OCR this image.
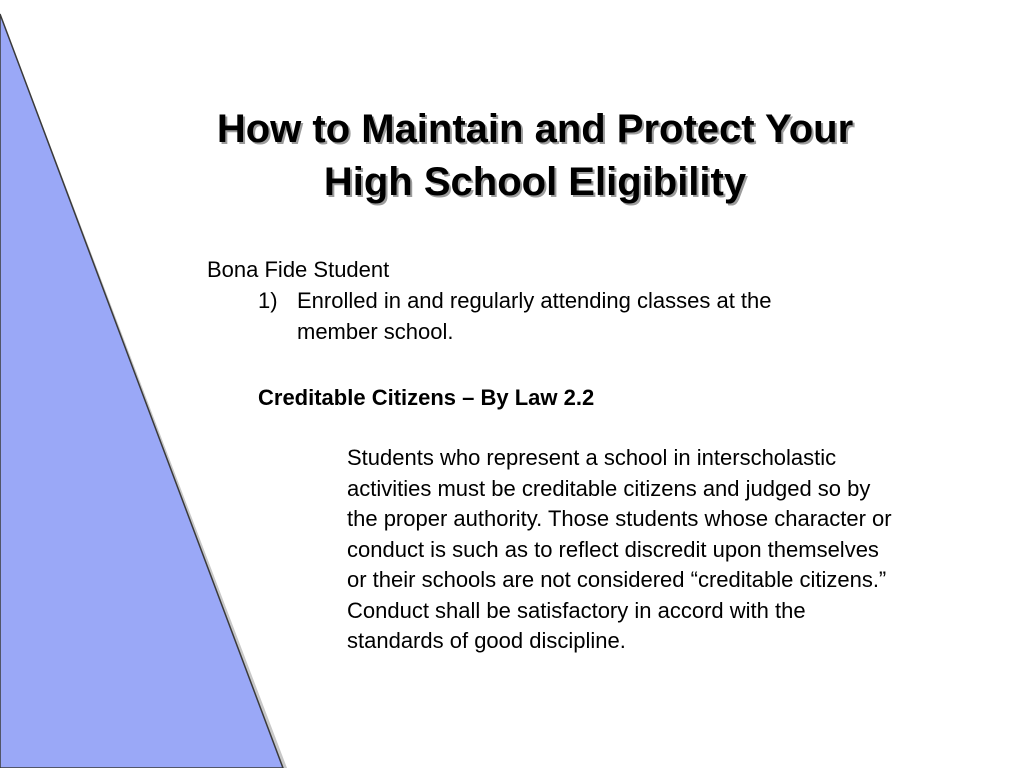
How to Maintain and Protect Your
High School Eligibility
Bona Fide Student
1) Enrolled in and regularly attending classes at the
member school.
Creditable Citizens – By Law 2.2
Students who represent a school in interscholastic
activities must be creditable citizens and judged so by
the proper authority. Those students whose character or
conduct is such as to reflect discredit upon themselves
or their schools are not considered “creditable citizens.”
Conduct shall be satisfactory in accord with the
standards of good discipline.
